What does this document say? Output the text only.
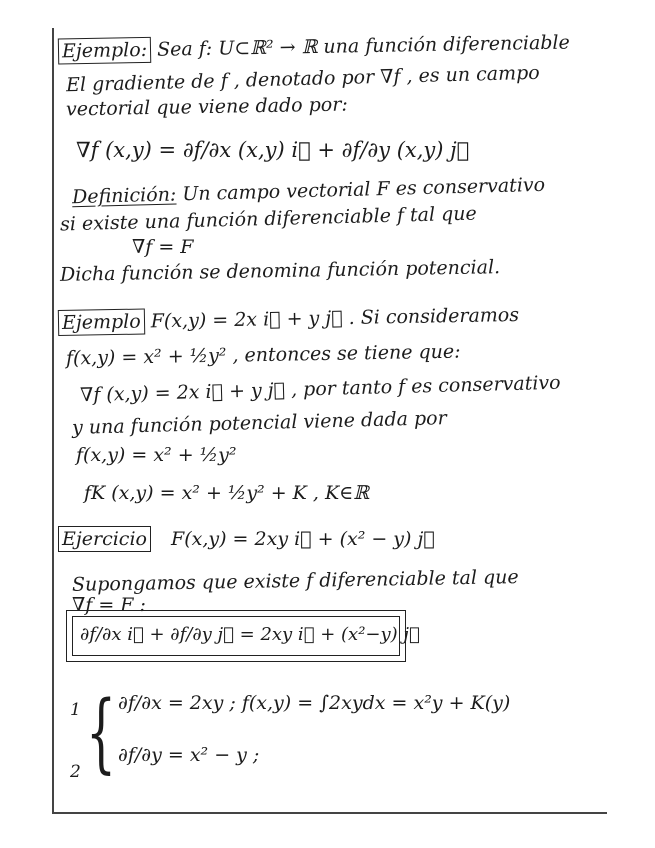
Ejemplo: Sea f: U⊂ℝ² → ℝ una función diferenciable
El gradiente de f , denotado por ∇f , es un campo
vectorial que viene dado por:
∇f (x,y) = ∂f/∂x (x,y) i⃗ + ∂f/∂y (x,y) j⃗
Definición: Un campo vectorial F es conservativo
si existe una función diferenciable f tal que
∇f = F
Dicha función se denomina función potencial.
Ejemplo F(x,y) = 2x i⃗ + y j⃗ . Si consideramos
f(x,y) = x² + ½y² , entonces se tiene que:
∇f (x,y) = 2x i⃗ + y j⃗ , por tanto f es conservativo
y una función potencial viene dada por
f(x,y) = x² + ½y²
fK (x,y) = x² + ½y² + K , K∈ℝ
Ejercicio F(x,y) = 2xy i⃗ + (x² − y) j⃗
Supongamos que existe f diferenciable tal que
∇f = F :
∂f/∂x i⃗ + ∂f/∂y j⃗ = 2xy i⃗ + (x²−y) j⃗
{
1 ∂f/∂x = 2xy ; f(x,y) = ∫2xydx = x²y + K(y)
2
∂f/∂y = x² − y ;
